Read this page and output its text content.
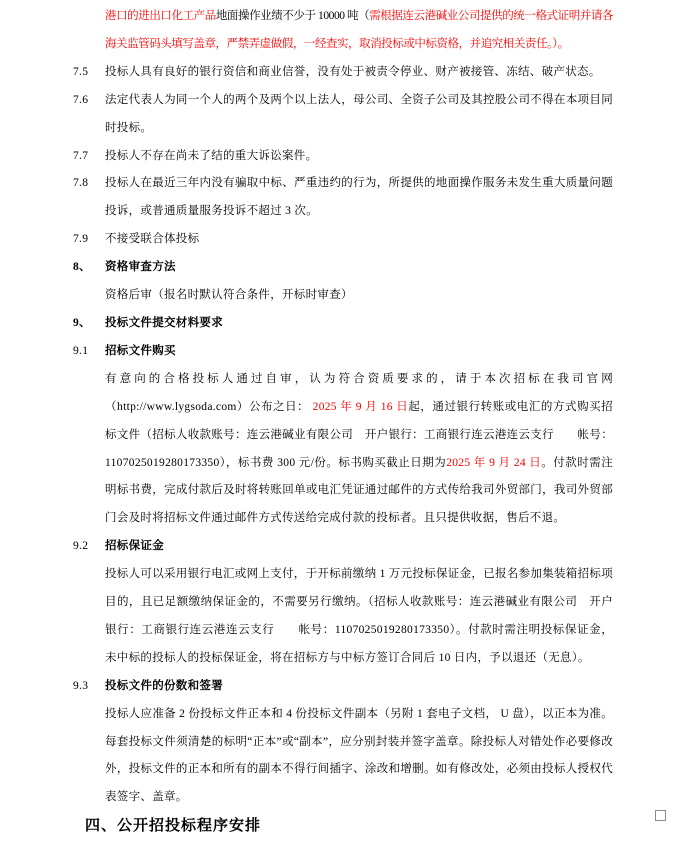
港口的进出口化工产品地面操作业绩不少于 10000 吨（需根据连云港碱业公司提供的统一格式证明并请各海关监管码头填写盖章，严禁弄虚做假，一经查实，取消投标或中标资格，并追究相关责任。）。
7.5	投标人具有良好的银行资信和商业信誉，没有处于被责令停业、财产被接管、冻结、破产状态。
7.6	法定代表人为同一个人的两个及两个以上法人，母公司、全资子公司及其控股公司不得在本项目同时投标。
7.7	投标人不存在尚未了结的重大诉讼案件。
7.8	投标人在最近三年内没有骗取中标、严重违约的行为，所提供的地面操作服务未发生重大质量问题投诉，或普通质量服务投诉不超过 3 次。
7.9	不接受联合体投标
8、	资格审查方法
资格后审（报名时默认符合条件，开标时审查）
9、	投标文件提交材料要求
9.1	招标文件购买
有意向的合格投标人通过自审，认为符合资质要求的，请于本次招标在我司官网（http://www.lygsoda.com）公布之日： 2025 年 9 月 16 日起，通过银行转账或电汇的方式购买招标文件（招标人收款账号：连云港碱业有限公司　开户银行：工商银行连云港连云支行　　帐号：1107025019280173350），标书费 300 元/份。标书购买截止日期为2025 年 9 月 24 日。付款时需注明标书费，完成付款后及时将转账回单或电汇凭证通过邮件的方式传给我司外贸部门，我司外贸部门会及时将招标文件通过邮件方式传送给完成付款的投标者。且只提供收据，售后不退。
9.2	招标保证金
投标人可以采用银行电汇或网上支付，于开标前缴纳 1 万元投标保证金，已报名参加集装箱招标项目的，且已足额缴纳保证金的，不需要另行缴纳。（招标人收款账号：连云港碱业有限公司　开户银行：工商银行连云港连云支行　　帐号：1107025019280173350）。付款时需注明投标保证金，未中标的投标人的投标保证金，将在招标方与中标方签订合同后 10 日内，予以退还（无息）。
9.3	投标文件的份数和签署
投标人应准备 2 份投标文件正本和 4 份投标文件副本（另附 1 套电子文档， U 盘），以正本为准。每套投标文件须清楚的标明“正本”或“副本”，应分别封装并签字盖章。除投标人对错处作必要修改外，投标文件的正本和所有的副本不得行间插字、涂改和增删。如有修改处，必须由投标人授权代表签字、盖章。
四、公开招投标程序安排
